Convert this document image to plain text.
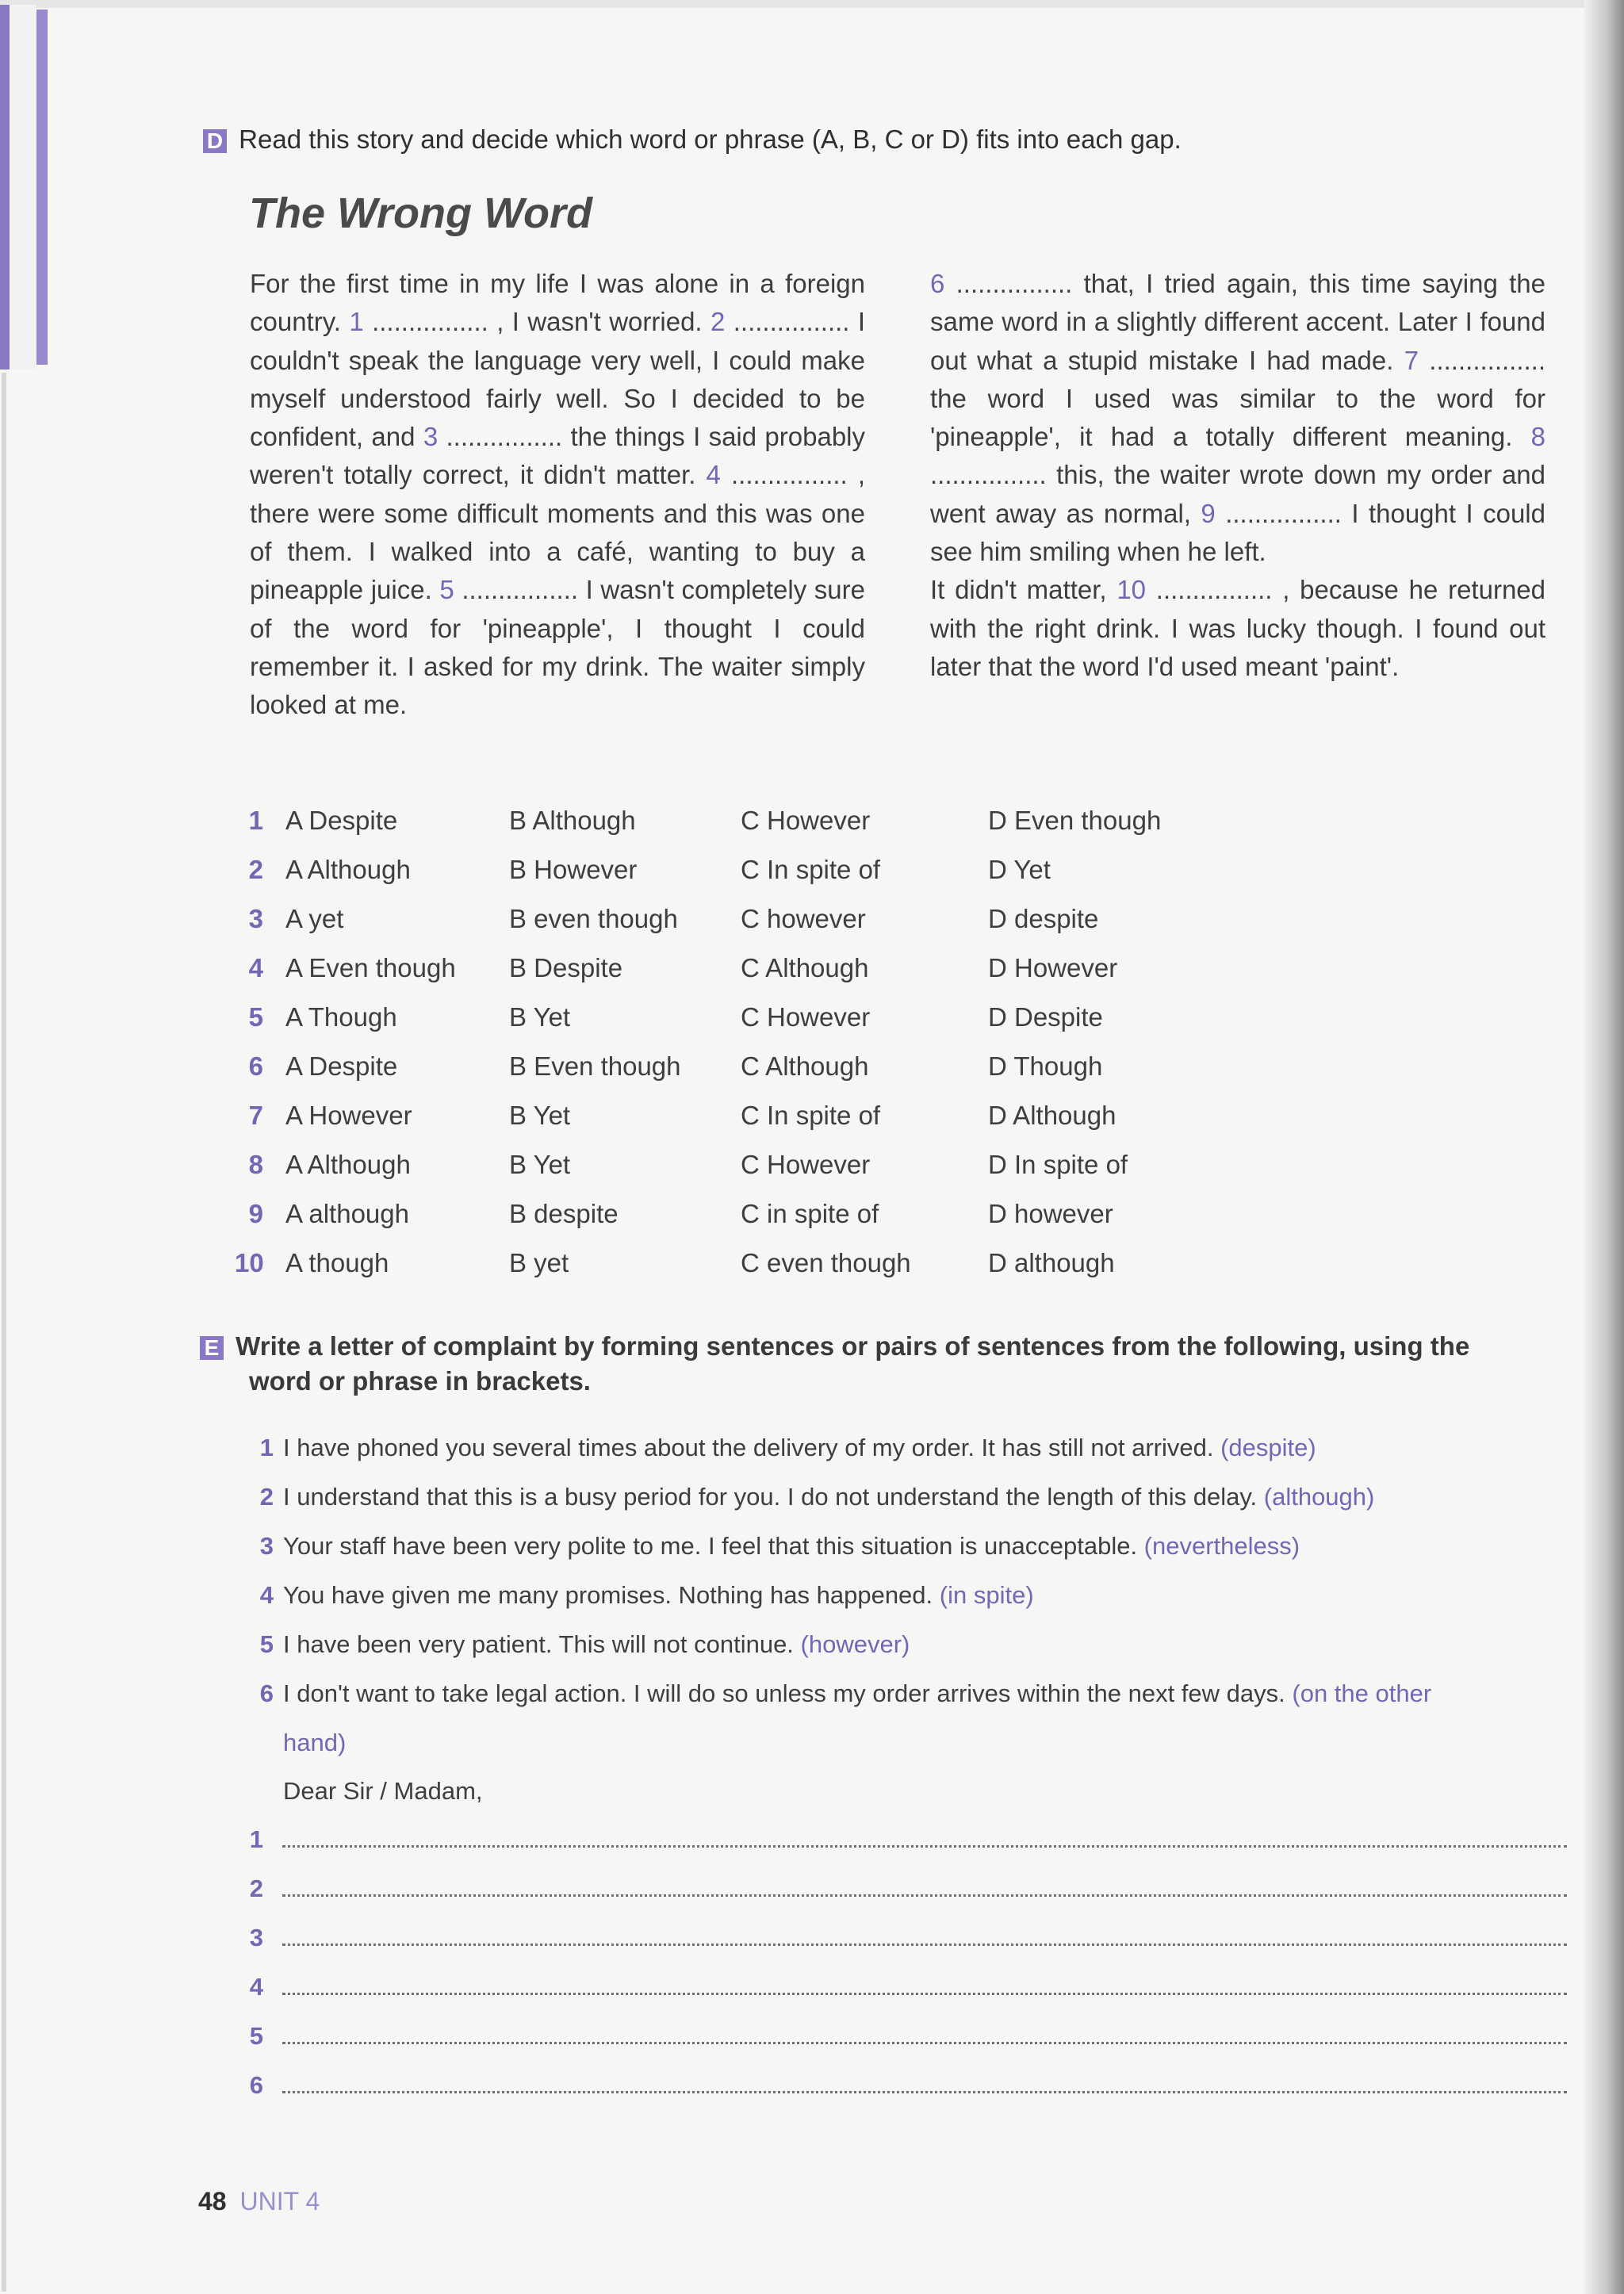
D Read this story and decide which word or phrase (A, B, C or D) fits into each gap.
The Wrong Word

For the first time in my life I was alone in a foreign country. 1 ................ , I wasn't worried. 2 ................ I couldn't speak the language very well, I could make myself understood fairly well. So I decided to be confident, and 3 ................ the things I said probably weren't totally correct, it didn't matter. 4 ................ , there were some difficult moments and this was one of them. I walked into a café, wanting to buy a pineapple juice. 5 ................ I wasn't completely sure of the word for 'pineapple', I thought I could remember it. I asked for my drink. The waiter simply looked at me.

6 ................ that, I tried again, this time saying the same word in a slightly different accent. Later I found out what a stupid mistake I had made. 7 ................ the word I used was similar to the word for 'pineapple', it had a totally different meaning. 8 ................ this, the waiter wrote down my order and went away as normal, 9 ................ I thought I could see him smiling when he left.

It didn't matter, 10 ................ , because he returned with the right drink. I was lucky though. I found out later that the word I'd used meant 'paint'.

1 A Despite	B Although	C However	D Even though
2 A Although	B However	C In spite of	D Yet
3 A yet	B even though C however	D despite
4 A Even though B Despite	C Although	D However
5 A Though	B Yet	C However	D Despite
6 A Despite	B Even though C Although	D Though
7 A However	B Yet	C In spite of	D Although
8 A Although	B Yet	C However	D In spite of
9 A although	B despite	C in spite of	D however
10 A though	B yet	C even though	D although
E Write a letter of complaint by forming sentences or pairs of sentences from the following, using the
word or phrase in brackets.
1 I have phoned you several times about the delivery of my order. It has still not arrived. (despite)
2 I understand that this is a busy period for you. I do not understand the length of this delay. (although)
3 Your staff have been very polite to me. I feel that this situation is unacceptable. (nevertheless)
4 You have given me many promises. Nothing has happened. (in spite)
5 I have been very patient. This will not continue. (however)
6 I don't want to take legal action. I will do so unless my order arrives within the next few days. (on the other
hand)
Dear Sir / Madam,
1
2
3
4
5
6
48 UNIT 4
